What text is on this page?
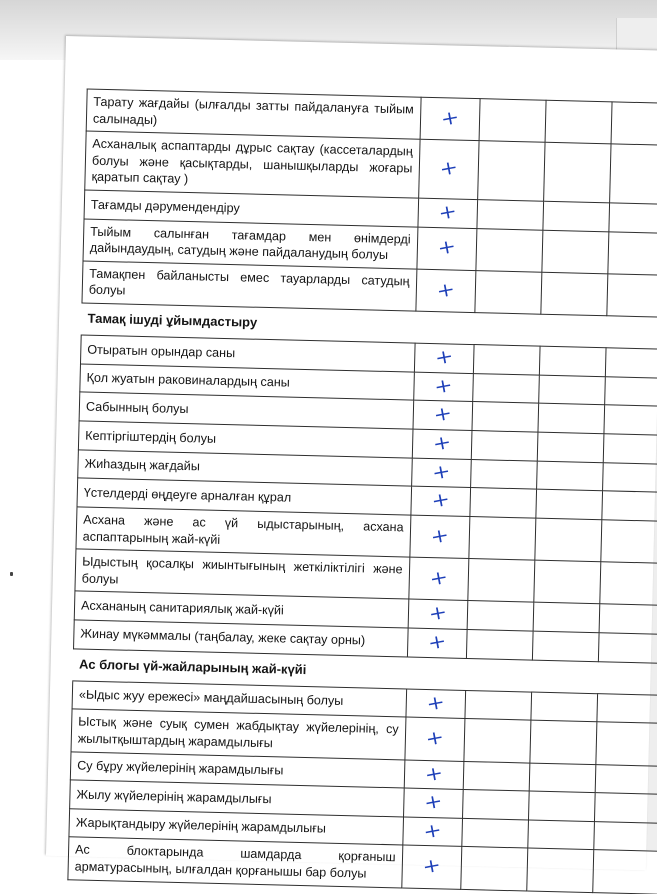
Тарату жағдайы (ылғалды затты пайдалануға тыйым салынады)	+			
Асханалық аспаптарды дұрыс сақтау (кассеталардың болуы және қасықтарды, шанышқыларды жоғары қаратып сақтау )	+			
Тағамды дәрумендендіру	+			
Тыйым салынған тағамдар мен өнімдерді дайындаудың, сатудың және пайдаланудың болуы	+			
Тамақпен байланысты емес тауарларды сатудың болуы	+			
Тамақ ішуді ұйымдастыру				
Отыратын орындар саны	+			
Қол жуатын раковиналардың саны	+			
Сабынның болуы	+			
Кептіргіштердің болуы	+			
Жиһаздың жағдайы	+			
Үстелдерді өңдеуге арналған құрал	+			
Асхана және ас үй ыдыстарының, асхана аспаптарының жай-күйі	+			
Ыдыстың қосалқы жиынтығының жеткіліктілігі және болуы	+			
Асхананың санитариялық жай-күйі	+			
Жинау мүкәммалы (таңбалау, жеке сақтау орны)	+			
Ас блогы үй-жайларының жай-күйі				
«Ыдыс жуу ережесі» маңдайшасының болуы	+			
Ыстық және суық сумен жабдықтау жүйелерінің, су жылытқыштардың жарамдылығы	+			
Су бұру жүйелерінің жарамдылығы	+			
Жылу жүйелерінің жарамдылығы	+			
Жарықтандыру жүйелерінің жарамдылығы	+			
Ас блоктарында шамдарда қорғаныш арматурасының, ылғалдан қорғанышы бар болуы	+			
